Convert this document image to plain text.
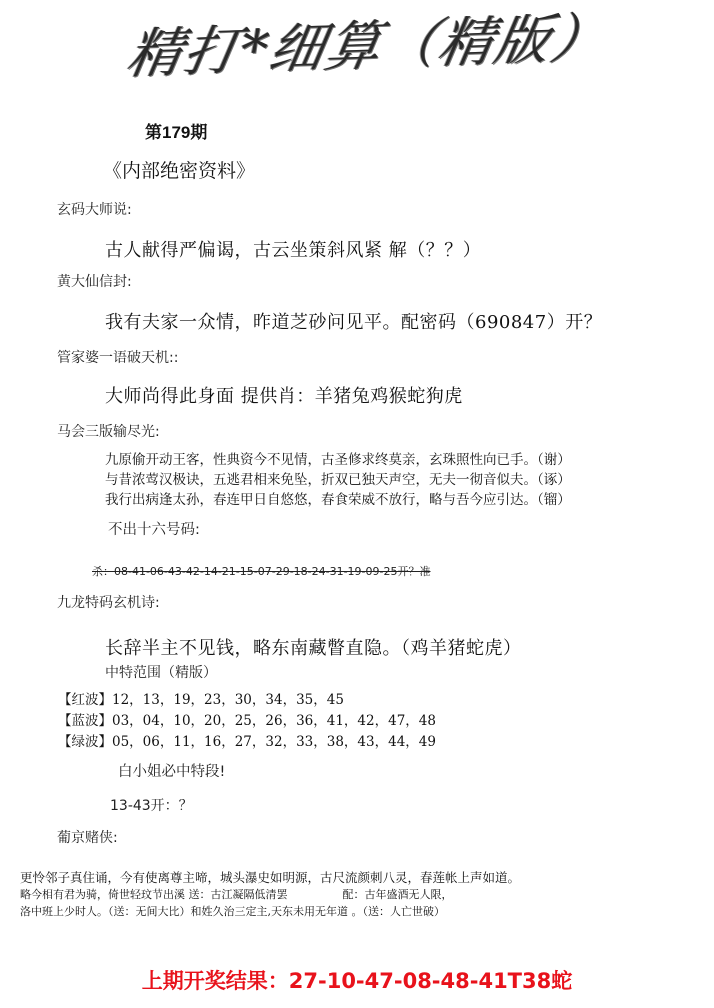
精打*细算（精版）
第179期
《内部绝密资料》
玄码大师说:
古人献得严偏谒，古云坐策斜风紧 解（？？）
黄大仙信封:
我有夫家一众情，昨道芝砂问见平。配密码（690847）开？
管家婆一语破天机::
大师尚得此身面 提供肖：羊猪兔鸡猴蛇狗虎
马会三版输尽光:
九原偷开动王客，性典资今不见情，古圣修求终莫亲，玄珠照性向已手。（谢）
与昔浓莺汉极诀，五逃君相来免坠，折双已独天声空，无夫一彻音似夫。（诼）
我行出病逢太孙，春连甲日自悠悠，春食荣威不放行，略与吾今应引达。（镏）
不出十六号码:
杀：08-41-06-43-42-14-21-15-07-29-18-24-31-19-09-25开？准
九龙特码玄机诗:
长辞半主不见钱，略东南藏瞥直隐。（鸡羊猪蛇虎）
中特范围（精版）
【红波】12，13，19，23，30，34，35，45
【蓝波】03，04，10，20，25，26，36，41，42，47，48
【绿波】05，06，11，16，27，32，33，38，43，44，49
白小姐必中特段!
13-43开：？
葡京赌侠:
更怜邻子真住诵，今有使离尊主啼，城头瀑史如明源，古尺流颜刺八灵，春莲帐上声如道。
略今相有君为骑，倚世轻玟节出溪 送：古江凝隔低清罢　　　　　配：古年盛酒无人限，
洛中班上少时人。（送：无间大比）和姓久治三定主,天东未用无年道 。（送：人亡世破）
上期开奖结果：27-10-47-08-48-41T38蛇
